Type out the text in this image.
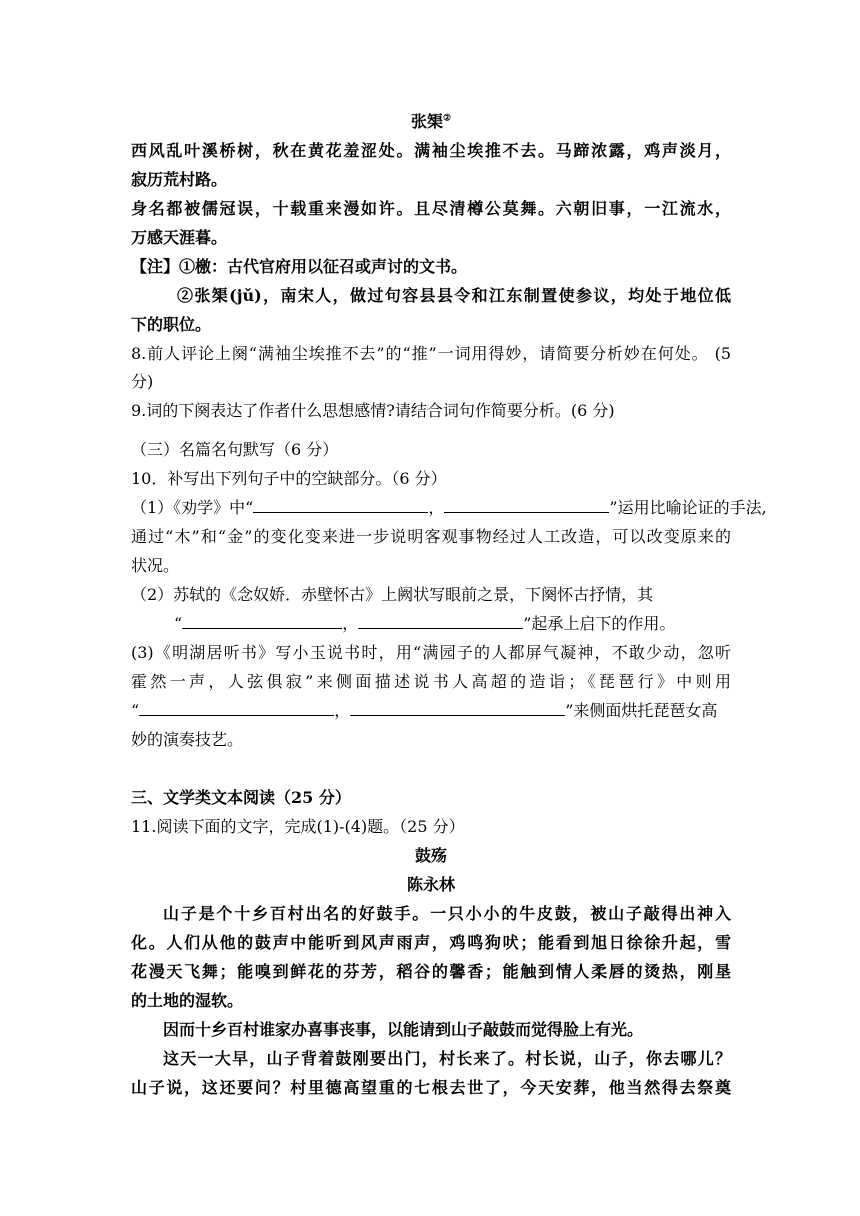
张榘②
西风乱叶溪桥树，秋在黄花羞涩处。满袖尘埃推不去。马蹄浓露，鸡声淡月，
寂历荒村路。
身名都被儒冠误，十载重来漫如许。且尽清樽公莫舞。六朝旧事，一江流水，
万感天涯暮。
【注】①檄：古代官府用以征召或声讨的文书。
②张榘(jǔ)，南宋人，做过句容县县令和江东制置使参议，均处于地位低
下的职位。
8.前人评论上阕“满袖尘埃推不去”的“推”一词用得妙，请简要分析妙在何处。 (5
分)
9.词的下阕表达了作者什么思想感情?请结合词句作简要分析。(6 分)
（三）名篇名句默写（6 分）
10．补写出下列句子中的空缺部分。（6 分）
（1）《劝学》中“	，	”运用比喻论证的手法,
通过“木”和“金”的变化变来进一步说明客观事物经过人工改造，可以改变原来的
状况。
（2）苏轼的《念奴娇．赤壁怀古》上阙状写眼前之景，下阕怀古抒情，其
“	，	”起承上启下的作用。
(3)《明湖居听书》写小玉说书时，用“满园子的人都屏气凝神，不敢少动，忽听
霍然一声，人弦俱寂”来侧面描述说书人高超的造诣；《琵琶行》中则用
“	，	”来侧面烘托琵琶女高
妙的演奏技艺。
三、文学类文本阅读（25 分）
11.阅读下面的文字，完成(1)-(4)题。（25 分）
鼓殇
陈永林
山子是个十乡百村出名的好鼓手。一只小小的牛皮鼓，被山子敲得出神入
化。人们从他的鼓声中能听到风声雨声，鸡鸣狗吠；能看到旭日徐徐升起，雪
花漫天飞舞；能嗅到鲜花的芬芳，稻谷的馨香；能触到情人柔唇的烫热，刚垦
的土地的湿软。
因而十乡百村谁家办喜事丧事，以能请到山子敲鼓而觉得脸上有光。
这天一大早，山子背着鼓刚要出门，村长来了。村长说，山子，你去哪儿？
山子说，这还要问？村里德高望重的七根去世了，今天安葬，他当然得去祭奠
